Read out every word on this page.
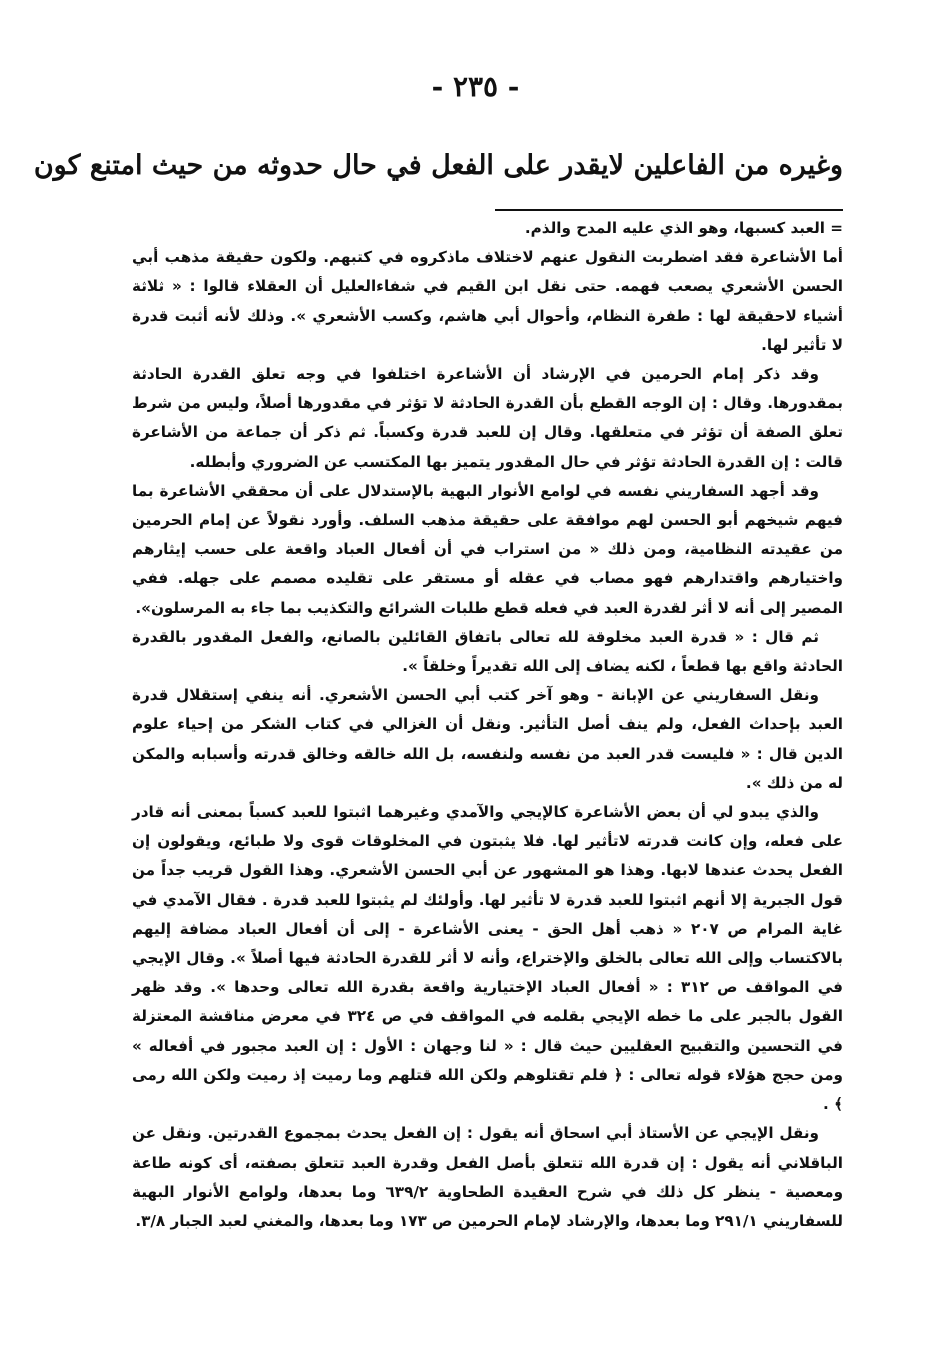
- ٢٣٥ -
وغيره من الفاعلين لايقدر على الفعل في حال حدوثه من حيث امتنع كون

= العبد كسبها، وهو الذي عليه المدح والذم.

أما الأشاعرة فقد اضطربت النقول عنهم لاختلاف ماذكروه في كتبهم. ولكون حقيقة مذهب أبي الحسن الأشعري يصعب فهمه. حتى نقل ابن القيم في شفاءالعليل أن العقلاء قالوا : « ثلاثة أشياء لاحقيقة لها : طفرة النظام، وأحوال أبي هاشم، وكسب الأشعري ». وذلك لأنه أثبت قدرة لا تأثير لها.

وقد ذكر إمام الحرمين في الإرشاد أن الأشاعرة اختلفوا في وجه تعلق القدرة الحادثة بمقدورها. وقال : إن الوجه القطع بأن القدرة الحادثة لا تؤثر في مقدورها أصلاً، وليس من شرط تعلق الصفة أن تؤثر في متعلقها. وقال إن للعبد قدرة وكسباً. ثم ذكر أن جماعة من الأشاعرة قالت : إن القدرة الحادثة تؤثر في حال المقدور يتميز بها المكتسب عن الضروري وأبطله.

وقد أجهد السفاريني نفسه في لوامع الأنوار البهية بالإستدلال على أن محققي الأشاعرة بما فيهم شيخهم أبو الحسن لهم موافقة على حقيقة مذهب السلف. وأورد نقولاً عن إمام الحرمين من عقيدته النظامية، ومن ذلك « من استراب في أن أفعال العباد واقعة على حسب إيثارهم واختيارهم واقتدارهم فهو مصاب في عقله أو مستقر على تقليده مصمم على جهله. ففي المصير إلى أنه لا أثر لقدرة العبد في فعله قطع طلبات الشرائع والتكذيب بما جاء به المرسلون».

ثم قال : « قدرة العبد مخلوقة لله تعالى باتفاق القائلين بالصانع، والفعل المقدور بالقدرة الحادثة واقع بها قطعاً ، لكنه يضاف إلى الله تقديراً وخلقاً ».

ونقل السفاريني عن الإبانة - وهو آخر كتب أبي الحسن الأشعري. أنه ينفي إستقلال قدرة العبد بإحداث الفعل، ولم ينف أصل التأثير. ونقل أن الغزالي في كتاب الشكر من إحياء علوم الدين قال : « فليست قدر العبد من نفسه ولنفسه، بل الله خالقه وخالق قدرته وأسبابه والمكن له من ذلك ».

والذي يبدو لي أن بعض الأشاعرة كالإيجي والآمدي وغيرهما اثبتوا للعبد كسباً بمعنى أنه قادر على فعله، وإن كانت قدرته لاتأثير لها. فلا يثبتون في المخلوقات قوى ولا طبائع، ويقولون إن الفعل يحدث عندها لابها. وهذا هو المشهور عن أبي الحسن الأشعري. وهذا القول قريب جداً من قول الجبرية إلا أنهم اثبتوا للعبد قدرة لا تأثير لها. وأولئك لم يثبتوا للعبد قدرة . فقال الآمدي في غاية المرام ص ٢٠٧ « ذهب أهل الحق - يعنى الأشاعرة - إلى أن أفعال العباد مضافة إليهم بالاكتساب وإلى الله تعالى بالخلق والإختراع، وأنه لا أثر للقدرة الحادثة فيها أصلاً ». وقال الإيجي في المواقف ص ٣١٢ : « أفعال العباد الإختيارية واقعة بقدرة الله تعالى وحدها ». وقد ظهر القول بالجبر على ما خطه الإيجي بقلمه في المواقف في ص ٣٢٤ في معرض مناقشة المعتزلة في التحسين والتقبيح العقليين حيث قال : « لنا وجهان : الأول : إن العبد مجبور في أفعاله » ومن حجج هؤلاء قوله تعالى : ﴿ فلم تقتلوهم ولكن الله قتلهم وما رميت إذ رميت ولكن الله رمى ﴾ .

ونقل الإيجي عن الأستاذ أبي اسحاق أنه يقول : إن الفعل يحدث بمجموع القدرتين. ونقل عن الباقلاني أنه يقول : إن قدرة الله تتعلق بأصل الفعل وقدرة العبد تتعلق بصفته، أى كونه طاعة ومعصية - ينظر كل ذلك في شرح العقيدة الطحاوية ٦٣٩/٢ وما بعدها، ولوامع الأنوار البهية للسفاريني ٢٩١/١ وما بعدها، والإرشاد لإمام الحرمين ص ١٧٣ وما بعدها، والمغني لعبد الجبار ٣/٨.
